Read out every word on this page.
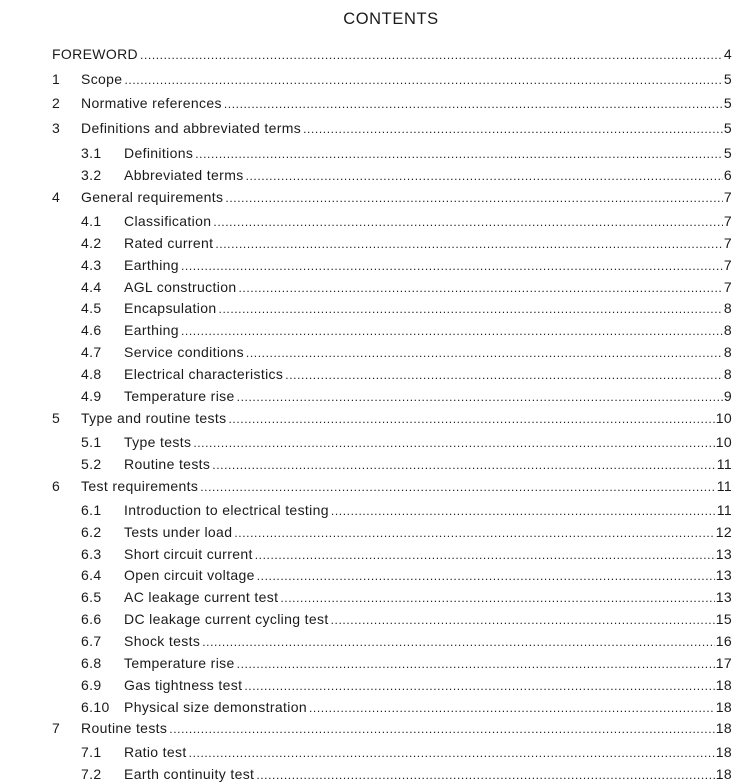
CONTENTS
FOREWORD .....	4
1 Scope .....	5
2 Normative references .....	5
3 Definitions and abbreviated terms .....	5
3.1 Definitions .....	5
3.2 Abbreviated terms .....	6
4 General requirements .....	7
4.1 Classification .....	7
4.2 Rated current .....	7
4.3 Earthing .....	7
4.4 AGL construction .....	7
4.5 Encapsulation .....	8
4.6 Earthing .....	8
4.7 Service conditions .....	8
4.8 Electrical characteristics .....	8
4.9 Temperature rise .....	9
5 Type and routine tests .....	10
5.1 Type tests .....	10
5.2 Routine tests .....	11
6 Test requirements .....	11
6.1 Introduction to electrical testing .....	11
6.2 Tests under load .....	12
6.3 Short circuit current .....	13
6.4 Open circuit voltage .....	13
6.5 AC leakage current test .....	13
6.6 DC leakage current cycling test .....	15
6.7 Shock tests .....	16
6.8 Temperature rise .....	17
6.9 Gas tightness test .....	18
6.10 Physical size demonstration .....	18
7 Routine tests .....	18
7.1 Ratio test .....	18
7.2 Earth continuity test .....	18
